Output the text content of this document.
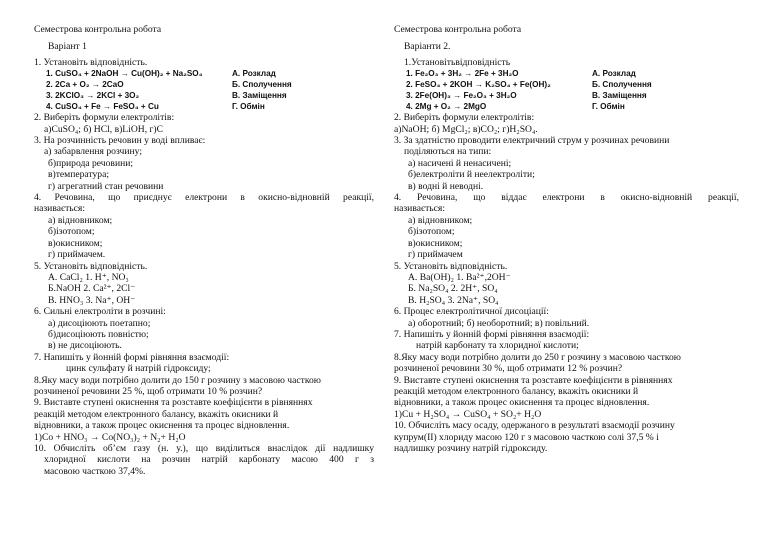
Семестрова контрольна робота
Варіант 1
1. Установіть відповідність.
1. CuSO₄ + 2NaOH → Cu(OH)₂ + Na₂SO₄	А. Розклад
2. 2Ca + O₂ → 2CaO	Б. Сполучення
3. 2KClO₃ → 2KCl + 3O₂	В. Заміщення
4. CuSO₄ + Fe → FeSO₄ + Cu	Г. Обмін
2. Виберіть формули електролітів:
а)CuSO₄; б) HCl, в)LiOH, г)C
3. На розчинність речовин у воді впливає:
а) забарвлення розчину;
б)природа речовини;
в)температура;
г) агрегатний стан речовини
4. Речовина, що приєднує електрони в окисно-відновній реакції,
називається:
а) відновником;
б)ізотопом;
в)окисником;
г) приймачем.
5. Установіть відповідність.
А. CaCl₂ 1. H⁺, NO₃
Б.NaOH 2. Ca²⁺, 2Cl⁻
В. HNO₃ 3. Na⁺, OH⁻
6. Сильні електроліти в розчині:
а) дисоціюють поетапно;
б)дисоціюють повністю;
в) не дисоціюють.
7. Напишіть у йонній формі рівняння взаємодії:
цинк сульфату й натрій гідроксиду;
8.Яку масу води потрібно долити до 150 г розчину з масовою часткою
розчиненої речовини 25 %, щоб отримати 10 % розчин?
9. Виставте ступені окиснення та розставте коефіцієнти в рівняннях
реакцій методом електронного балансу, вкажіть окисники й
відновники, а також процес окиснення та процес відновлення.
1)Co + HNO₃ → Co(NO₃)₂ + N₂+ H₂O
10. Обчисліть об’єм газу (н. у.), що виділиться внаслідок дії надлишку
хлоридної кислоти на розчин натрій карбонату масою 400 г з
масовою часткою 37,4%.
Семестрова контрольна робота
Варіанти 2.
1.Установітьвідповідність
1. Fe₂O₃ + 3H₂ → 2Fe + 3H₂O	А. Розклад
2. FeSO₄ + 2KOH → K₂SO₄ + Fe(OH)₂	Б. Сполучення
3. 2Fe(OH)₃ → Fe₂O₃ + 3H₂O	В. Заміщення
4. 2Mg + O₂ → 2MgO	Г. Обмін
2. Виберіть формули електролітів:
а)NaOH; б) MgCl₂; в)CO₂; г)H₂SO₄.
3. За здатністю проводити електричний струм у розчинах речовини
поділяються на типи:
а) насичені й ненасичені;
б)електроліти й неелектроліти;
в) водні й неводні.
4. Речовина, що віддає електрони в окисно-відновній реакції,
називається:
а) відновником;
б)ізотопом;
в)окисником;
г) приймачем
5. Установіть відповідність.
А. Ba(OH)₂ 1. Ba²⁺,2OH⁻
Б. Na₂SO₄ 2. 2H⁺, SO₄
В. H₂SO₄ 3. 2Na⁺, SO₄
6. Процес електролітичної дисоціації:
а) оборотний; б) необоротний; в) повільний.
7. Напишіть у йонній формі рівняння взаємодії:
натрій карбонату та хлоридної кислоти;
8.Яку масу води потрібно долити до 250 г розчину з масовою часткою
розчиненої речовини 30 %, щоб отримати 12 % розчин?
9. Виставте ступені окиснення та розставте коефіцієнти в рівняннях
реакцій методом електронного балансу, вкажіть окисники й
відновники, а також процес окиснення та процес відновлення.
1)Cu + H₂SO₄ → CuSO₄ + SO₂+ H₂O
10. Обчисліть масу осаду, одержаного в результаті взаємодії розчину
купрум(II) хлориду масою 120 г з масовою часткою солі 37,5 % і
надлишку розчину натрій гідроксиду.
